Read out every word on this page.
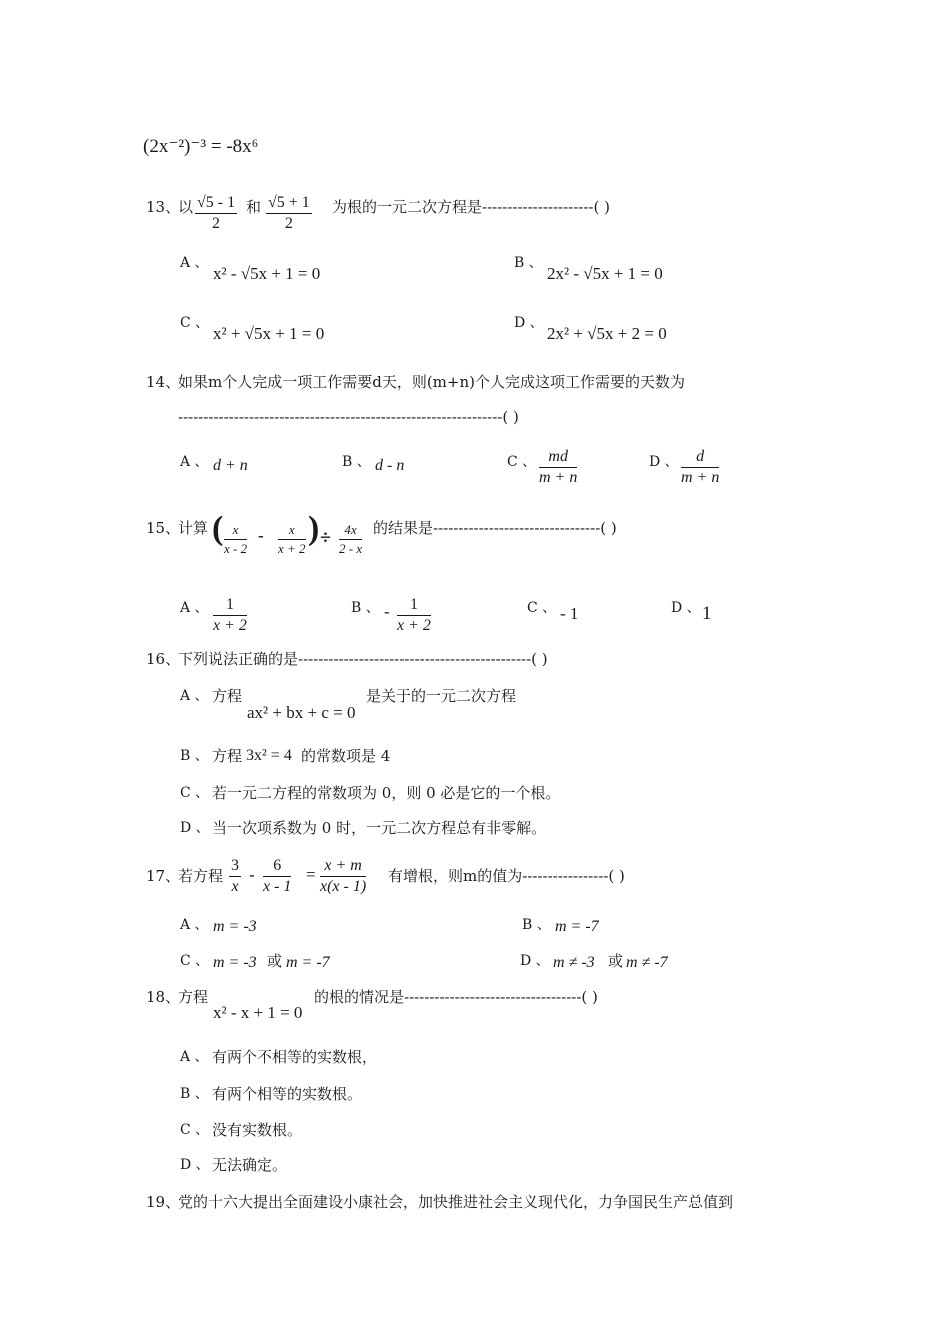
(2x⁻²)⁻³ = -8x⁶
13、
以 $\frac{√5 - 1}{2}$ 和 $\frac{√5 + 1}{2}$ 为根的一元二次方程是----------------------( )
A 、
x² - √5x + 1 = 0
B 、
2x² - √5x + 1 = 0
C 、
x² + √5x + 1 = 0
D 、
2x² + √5x + 2 = 0
14、
如果m个人完成一项工作需要d天，则(m+n)个人完成这项工作需要的天数为
----------------------------------------------------------------( )
A 、 d + n	B 、 d - n	C 、 $\frac{md}{m + n}$	D 、 $\frac{d}{m + n}$
15、
计算 ( $\frac{x}{x - 2} - \frac{x}{x + 2}$ ) ÷ $\frac{4x}{2 - x}$ 的结果是---------------------------------( )
A 、 $\frac{1}{x + 2}$	B 、 - $\frac{1}{x + 2}$	C 、 - 1	D 、 1
16、
下列说法正确的是----------------------------------------------( )
A 、 方程
ax² + bx + c = 0
是关于的一元二次方程
B 、 方程 3x² = 4 的常数项是 4
C 、 若一元二方程的常数项为 0，则 0 必是它的一个根。
D 、 当一次项系数为 0 时，一元二次方程总有非零解。
17、
若方程 $\frac{3}{x} - \frac{6}{x - 1} = \frac{x + m}{x(x - 1)}$ 有增根，则m的值为-----------------( )
A 、 m = -3	B 、 m = -7
C 、 m = -3 或 m = -7	D 、 m ≠ -3 或 m ≠ -7
18、
方程
x² - x + 1 = 0
的根的情况是-----------------------------------( )
A 、 有两个不相等的实数根，
B 、 有两个相等的实数根。
C 、 没有实数根。
D 、 无法确定。
19、
党的十六大提出全面建设小康社会，加快推进社会主义现代化，力争国民生产总值到
